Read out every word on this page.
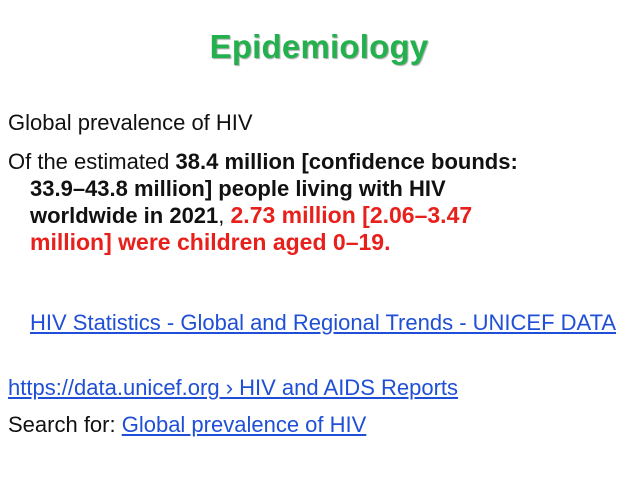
Epidemiology
Global prevalence of HIV
Of the estimated 38.4 million [confidence bounds:
33.9–43.8 million] people living with HIV
worldwide in 2021, 2.73 million [2.06–3.47
million] were children aged 0–19.
HIV Statistics - Global and Regional Trends - UNICEF DATA
https://data.unicef.org › HIV and AIDS Reports
Search for: Global prevalence of HIV
